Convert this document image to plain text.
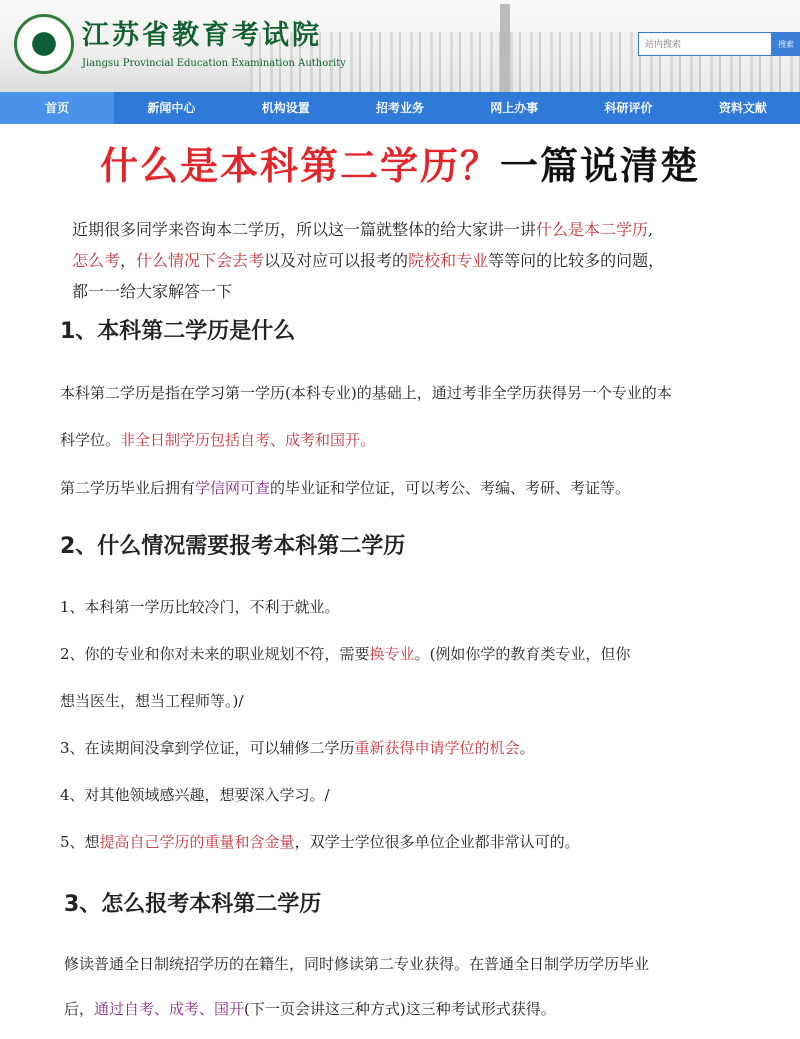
江苏省教育考试院
Jiangsu Provincial Education Examination Authority
站内搜索
搜索
首页	新闻中心	机构设置	招考业务	网上办事	科研评价	资料文献
什么是本科第二学历？一篇说清楚
近期很多同学来咨询本二学历，所以这一篇就整体的给大家讲一讲什么是本二学历,
怎么考，什么情况下会去考以及对应可以报考的院校和专业等等问的比较多的问题，
都一一给大家解答一下
1、本科第二学历是什么
本科第二学历是指在学习第一学历(本科专业)的基础上，通过考非全学历获得另一个专业的本
科学位。非全日制学历包括自考、成考和国开。
第二学历毕业后拥有学信网可查的毕业证和学位证，可以考公、考编、考研、考证等。
2、什么情况需要报考本科第二学历
1、本科第一学历比较冷门，不利于就业。
2、你的专业和你对未来的职业规划不符，需要换专业。(例如你学的教育类专业，但你
想当医生，想当工程师等。)/
3、在读期间没拿到学位证，可以辅修二学历重新获得申请学位的机会。
4、对其他领域感兴趣，想要深入学习。/
5、想提高自己学历的重量和含金量，双学士学位很多单位企业都非常认可的。
3、怎么报考本科第二学历
修读普通全日制统招学历的在籍生，同时修读第二专业获得。在普通全日制学历学历毕业
后，通过自考、成考、国开(下一页会讲这三种方式)这三种考试形式获得。
